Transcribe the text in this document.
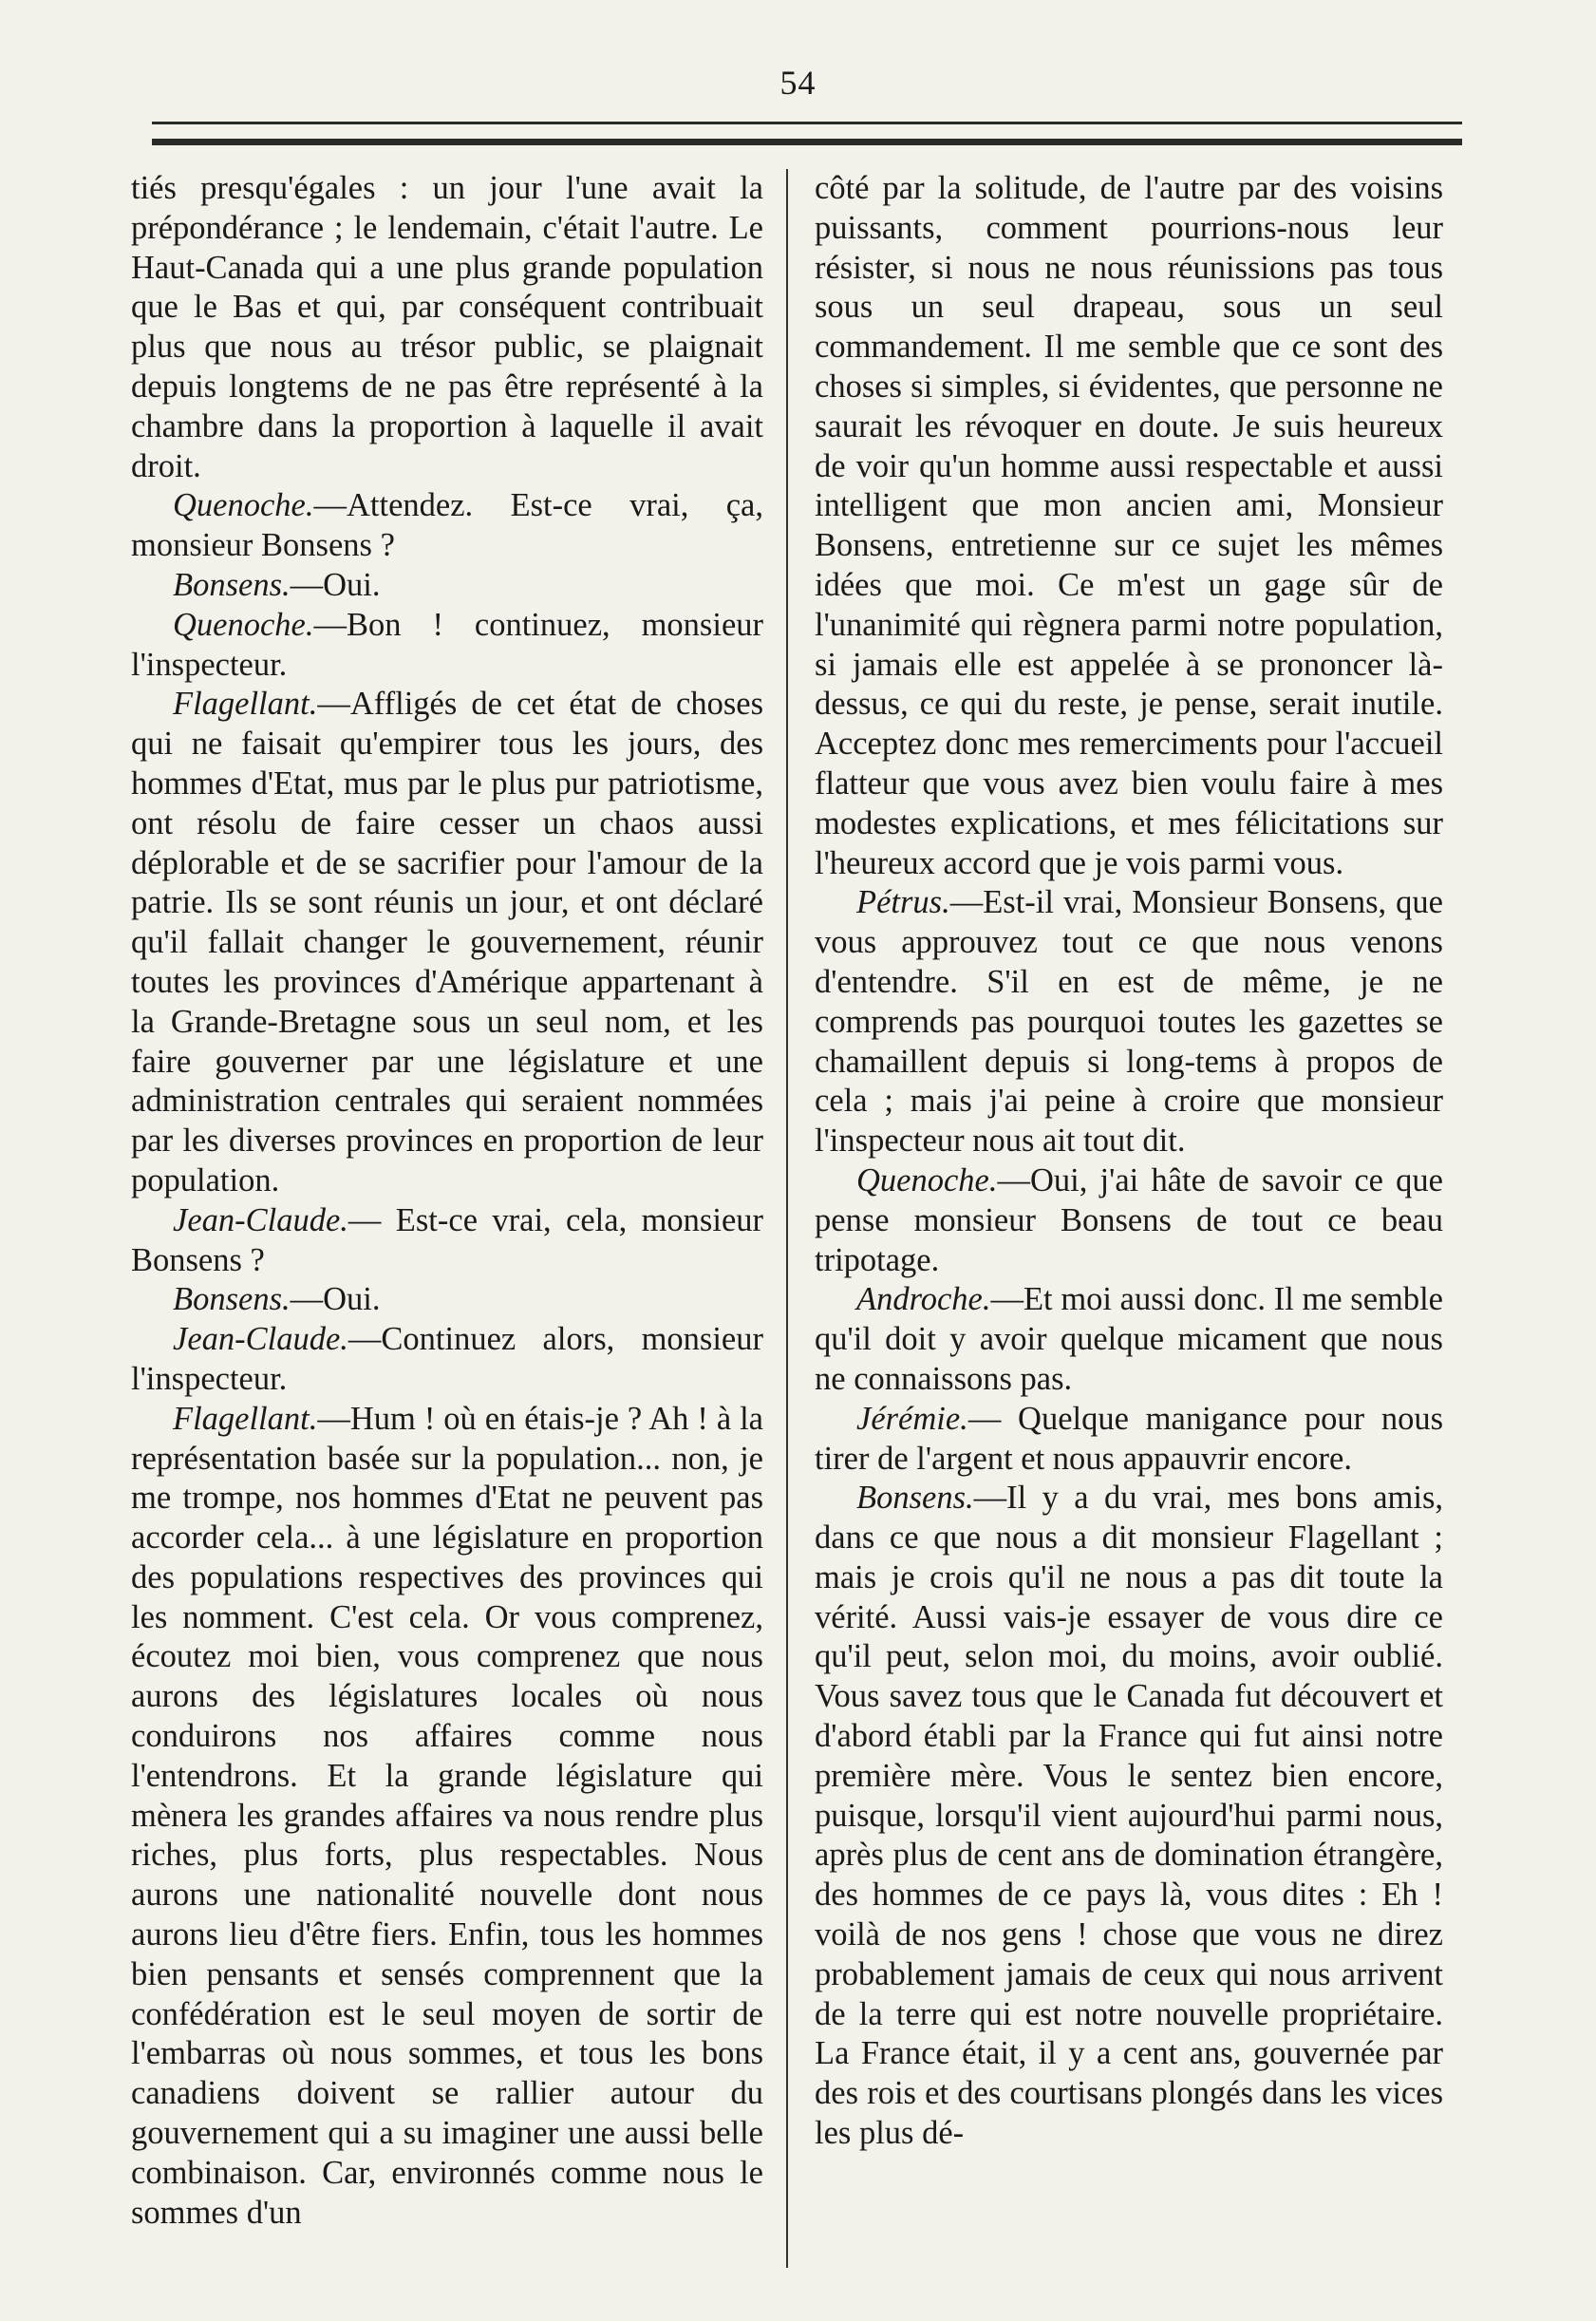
54

tiés presqu'égales : un jour l'une avait la prépondérance ; le lendemain, c'était l'autre. Le Haut-Canada qui a une plus grande population que le Bas et qui, par conséquent contribuait plus que nous au trésor public, se plaignait depuis longtems de ne pas être représenté à la chambre dans la proportion à laquelle il avait droit.

Quenoche.—Attendez. Est-ce vrai, ça, monsieur Bonsens ?

Bonsens.—Oui.

Quenoche.—Bon ! continuez, monsieur l'inspecteur.

Flagellant.—Affligés de cet état de choses qui ne faisait qu'empirer tous les jours, des hommes d'Etat, mus par le plus pur patriotisme, ont résolu de faire cesser un chaos aussi déplorable et de se sacrifier pour l'amour de la patrie. Ils se sont réunis un jour, et ont déclaré qu'il fallait changer le gouvernement, réunir toutes les provinces d'Amérique appartenant à la Grande-Bretagne sous un seul nom, et les faire gouverner par une législature et une administration centrales qui seraient nommées par les diverses provinces en proportion de leur population.

Jean-Claude.— Est-ce vrai, cela, monsieur Bonsens ?

Bonsens.—Oui.

Jean-Claude.—Continuez alors, monsieur l'inspecteur.

Flagellant.—Hum ! où en étais-je ? Ah ! à la représentation basée sur la population... non, je me trompe, nos hommes d'Etat ne peuvent pas accorder cela... à une législature en proportion des populations respectives des provinces qui les nomment. C'est cela. Or vous comprenez, écoutez moi bien, vous comprenez que nous aurons des législatures locales où nous conduirons nos affaires comme nous l'entendrons. Et la grande législature qui mènera les grandes affaires va nous rendre plus riches, plus forts, plus respectables. Nous aurons une nationalité nouvelle dont nous aurons lieu d'être fiers. Enfin, tous les hommes bien pensants et sensés comprennent que la confédération est le seul moyen de sortir de l'embarras où nous sommes, et tous les bons canadiens doivent se rallier autour du gouvernement qui a su imaginer une aussi belle combinaison. Car, environnés comme nous le sommes d'un

côté par la solitude, de l'autre par des voisins puissants, comment pourrions-nous leur résister, si nous ne nous réunissions pas tous sous un seul drapeau, sous un seul commandement. Il me semble que ce sont des choses si simples, si évidentes, que personne ne saurait les révoquer en doute. Je suis heureux de voir qu'un homme aussi respectable et aussi intelligent que mon ancien ami, Monsieur Bonsens, entretienne sur ce sujet les mêmes idées que moi. Ce m'est un gage sûr de l'unanimité qui règnera parmi notre population, si jamais elle est appelée à se prononcer là-dessus, ce qui du reste, je pense, serait inutile. Acceptez donc mes remerciments pour l'accueil flatteur que vous avez bien voulu faire à mes modestes explications, et mes félicitations sur l'heureux accord que je vois parmi vous.

Pétrus.—Est-il vrai, Monsieur Bonsens, que vous approuvez tout ce que nous venons d'entendre. S'il en est de même, je ne comprends pas pourquoi toutes les gazettes se chamaillent depuis si long-tems à propos de cela ; mais j'ai peine à croire que monsieur l'inspecteur nous ait tout dit.

Quenoche.—Oui, j'ai hâte de savoir ce que pense monsieur Bonsens de tout ce beau tripotage.

Androche.—Et moi aussi donc. Il me semble qu'il doit y avoir quelque micament que nous ne connaissons pas.

Jérémie.— Quelque manigance pour nous tirer de l'argent et nous appauvrir encore.

Bonsens.—Il y a du vrai, mes bons amis, dans ce que nous a dit monsieur Flagellant ; mais je crois qu'il ne nous a pas dit toute la vérité. Aussi vais-je essayer de vous dire ce qu'il peut, selon moi, du moins, avoir oublié. Vous savez tous que le Canada fut découvert et d'abord établi par la France qui fut ainsi notre première mère. Vous le sentez bien encore, puisque, lorsqu'il vient aujourd'hui parmi nous, après plus de cent ans de domination étrangère, des hommes de ce pays là, vous dites : Eh ! voilà de nos gens ! chose que vous ne direz probablement jamais de ceux qui nous arrivent de la terre qui est notre nouvelle propriétaire. La France était, il y a cent ans, gouvernée par des rois et des courtisans plongés dans les vices les plus dé-
